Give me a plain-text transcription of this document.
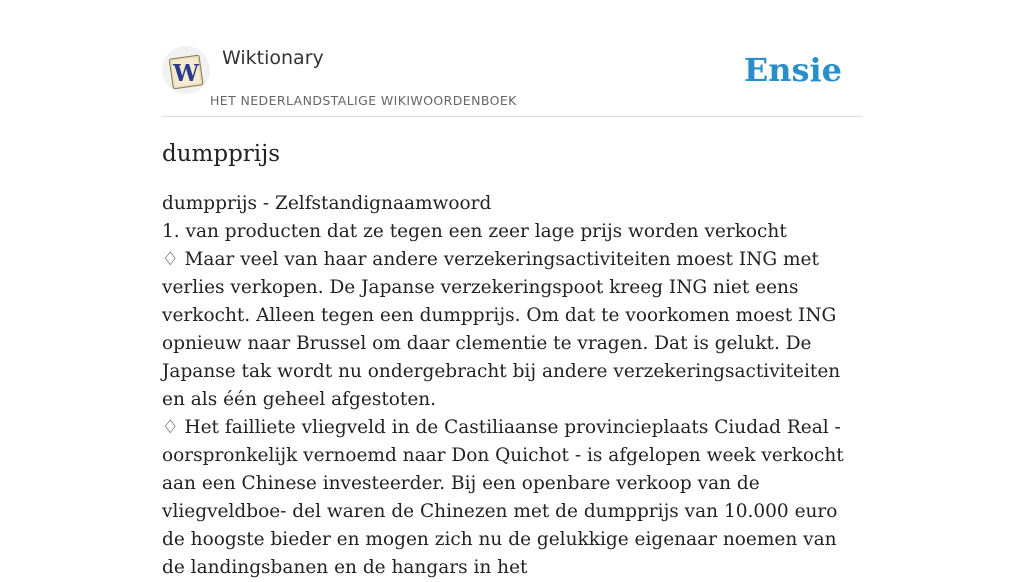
W
Wiktionary
HET NEDERLANDSTALIGE WIKIWOORDENBOEK
Ensie
dumpprijs
dumpprijs - Zelfstandignaamwoord
1. van producten dat ze tegen een zeer lage prijs worden verkocht
♢ Maar veel van haar andere verzekeringsactiviteiten moest ING met verlies verkopen. De Japanse verzekeringspoot kreeg ING niet eens verkocht. Alleen tegen een dumpprijs. Om dat te voorkomen moest ING opnieuw naar Brussel om daar clementie te vragen. Dat is gelukt. De Japanse tak wordt nu ondergebracht bij andere verzekeringsactiviteiten en als één geheel afgestoten.
♢ Het failliete vliegveld in de Castiliaanse provincieplaats Ciudad Real - oorspronkelijk vernoemd naar Don Quichot - is afgelopen week verkocht aan een Chinese investeerder. Bij een openbare verkoop van de vliegveldboe- del waren de Chinezen met de dumpprijs van 10.000 euro de hoogste bieder en mogen zich nu de gelukkige eigenaar noemen van de landingsbanen en de hangars in het
